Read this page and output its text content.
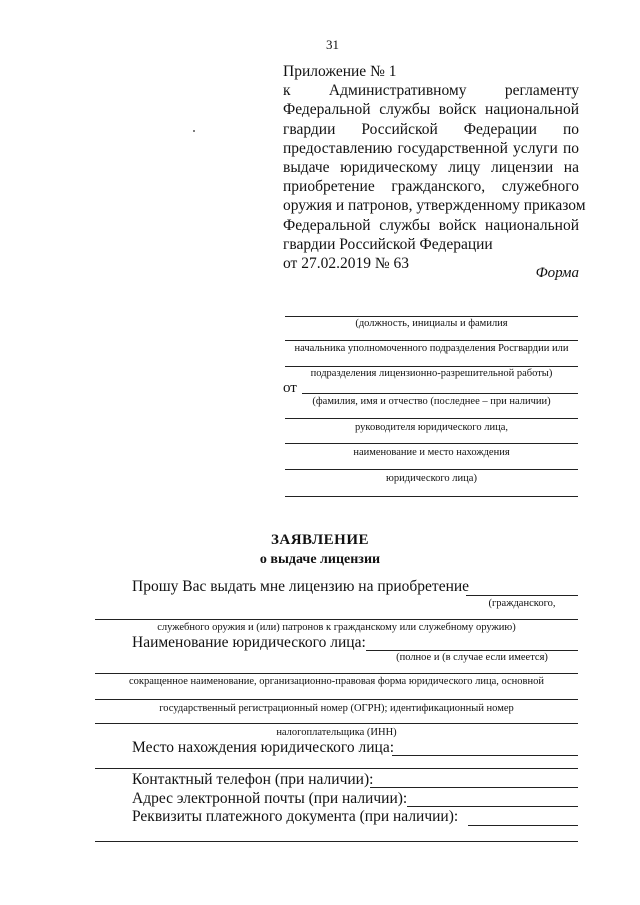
31
Приложение № 1
к Административному регламенту
Федеральной службы войск национальной
гвардии Российской Федерации по
предоставлению государственной услуги по
выдаче юридическому лицу лицензии на
приобретение гражданского, служебного
оружия и патронов, утвержденному приказом
Федеральной службы войск национальной
гвардии Российской Федерации
от 27.02.2019 № 63
Форма
(должность, инициалы и фамилия
начальника уполномоченного подразделения Росгвардии или
подразделения лицензионно-разрешительной работы)
от
(фамилия, имя и отчество (последнее – при наличии)
руководителя юридического лица,
наименование и место нахождения
юридического лица)
ЗАЯВЛЕНИЕ
о выдаче лицензии
Прошу Вас выдать мне лицензию на приобретение
(гражданского,
служебного оружия и (или) патронов к гражданскому или служебному оружию)
Наименование юридического лица:
(полное и (в случае если имеется)
сокращенное наименование, организационно-правовая форма юридического лица, основной
государственный регистрационный номер (ОГРН); идентификационный номер
налогоплательщика (ИНН)
Место нахождения юридического лица:
Контактный телефон (при наличии):
Адрес электронной почты (при наличии):
Реквизиты платежного документа (при наличии):
